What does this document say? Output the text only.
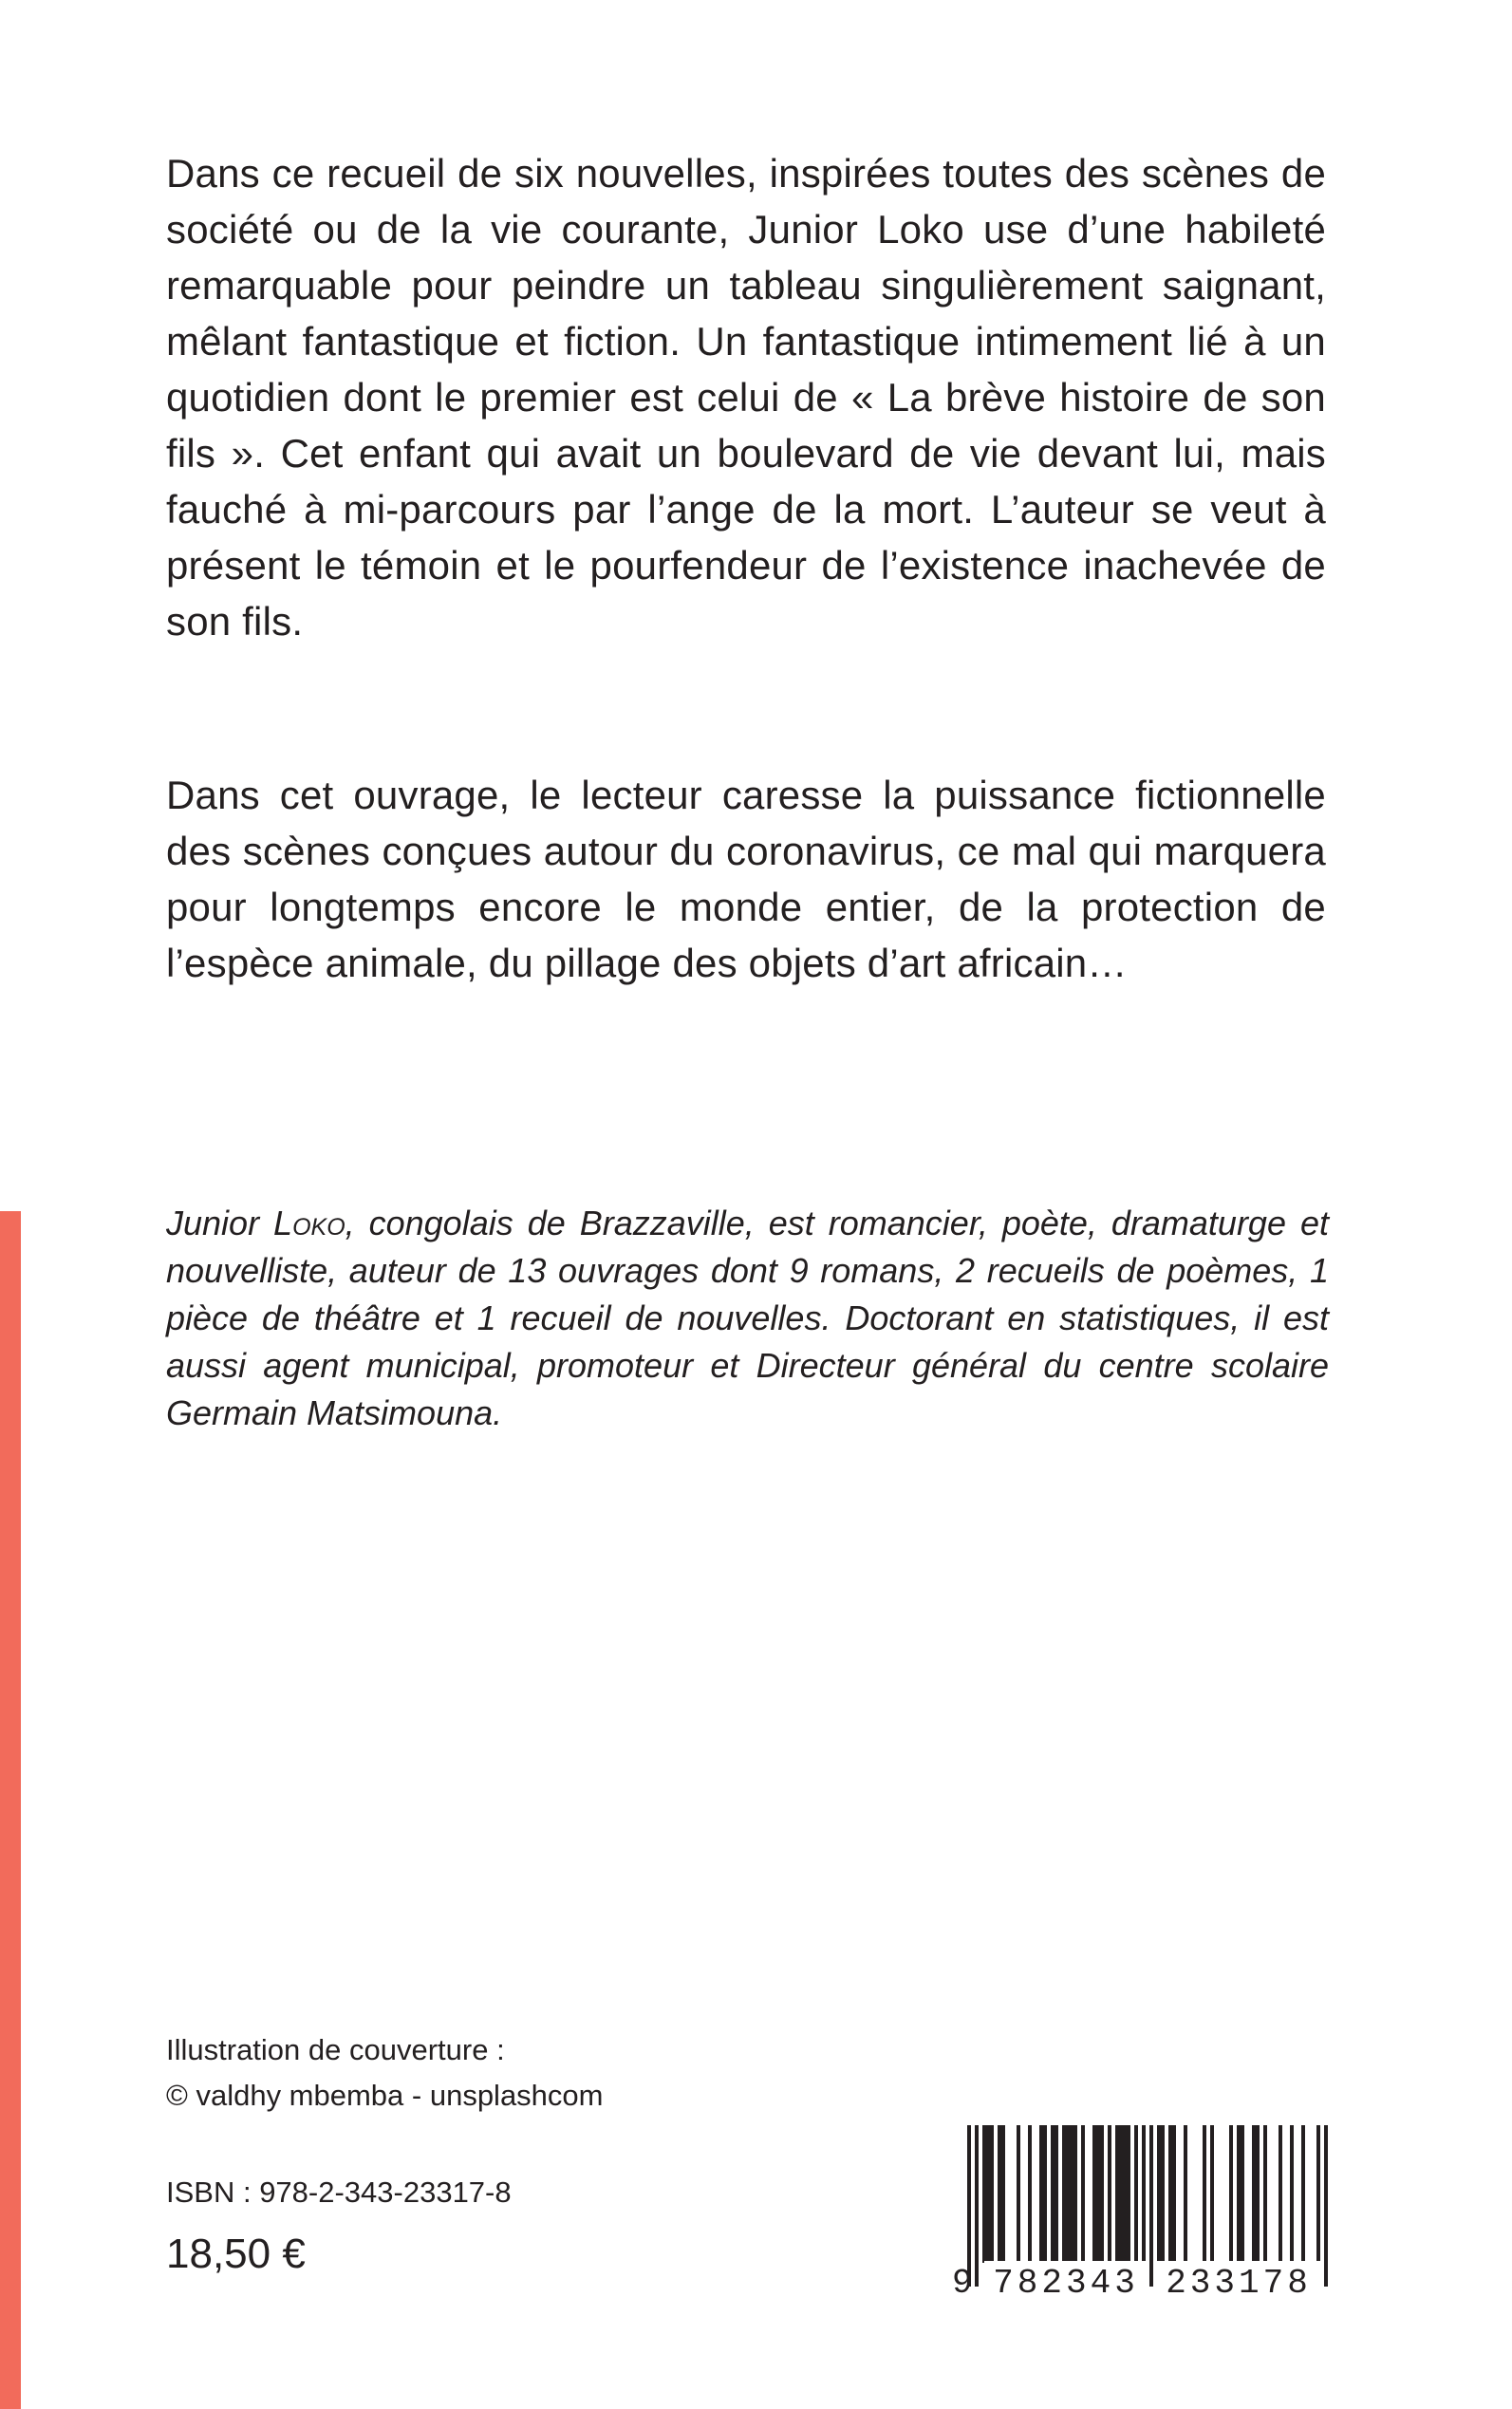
Dans ce recueil de six nouvelles, inspirées toutes des scènes de société ou de la vie courante, Junior Loko use d’une habileté remarquable pour peindre un tableau singulièrement saignant, mêlant fantastique et fiction. Un fantastique intimement lié à un quotidien dont le premier est celui de « La brève histoire de son fils ». Cet enfant qui avait un boulevard de vie devant lui, mais fauché à mi-parcours par l’ange de la mort. L’auteur se veut à présent le témoin et le pourfendeur de l’existence inachevée de son fils.

Dans cet ouvrage, le lecteur caresse la puissance fictionnelle des scènes conçues autour du coronavirus, ce mal qui marquera pour longtemps encore le monde entier, de la protection de l’espèce animale, du pillage des objets d’art africain…

Junior Loko, congolais de Brazzaville, est romancier, poète, dramaturge et nouvelliste, auteur de 13 ouvrages dont 9 romans, 2 recueils de poèmes, 1 pièce de théâtre et 1 recueil de nouvelles. Doctorant en statistiques, il est aussi agent municipal, promoteur et Directeur général du centre scolaire Germain Matsimouna.

Illustration de couverture :
© valdhy mbemba - unsplashcom
ISBN : 978-2-343-23317-8
18,50 €
9 782343 233178
